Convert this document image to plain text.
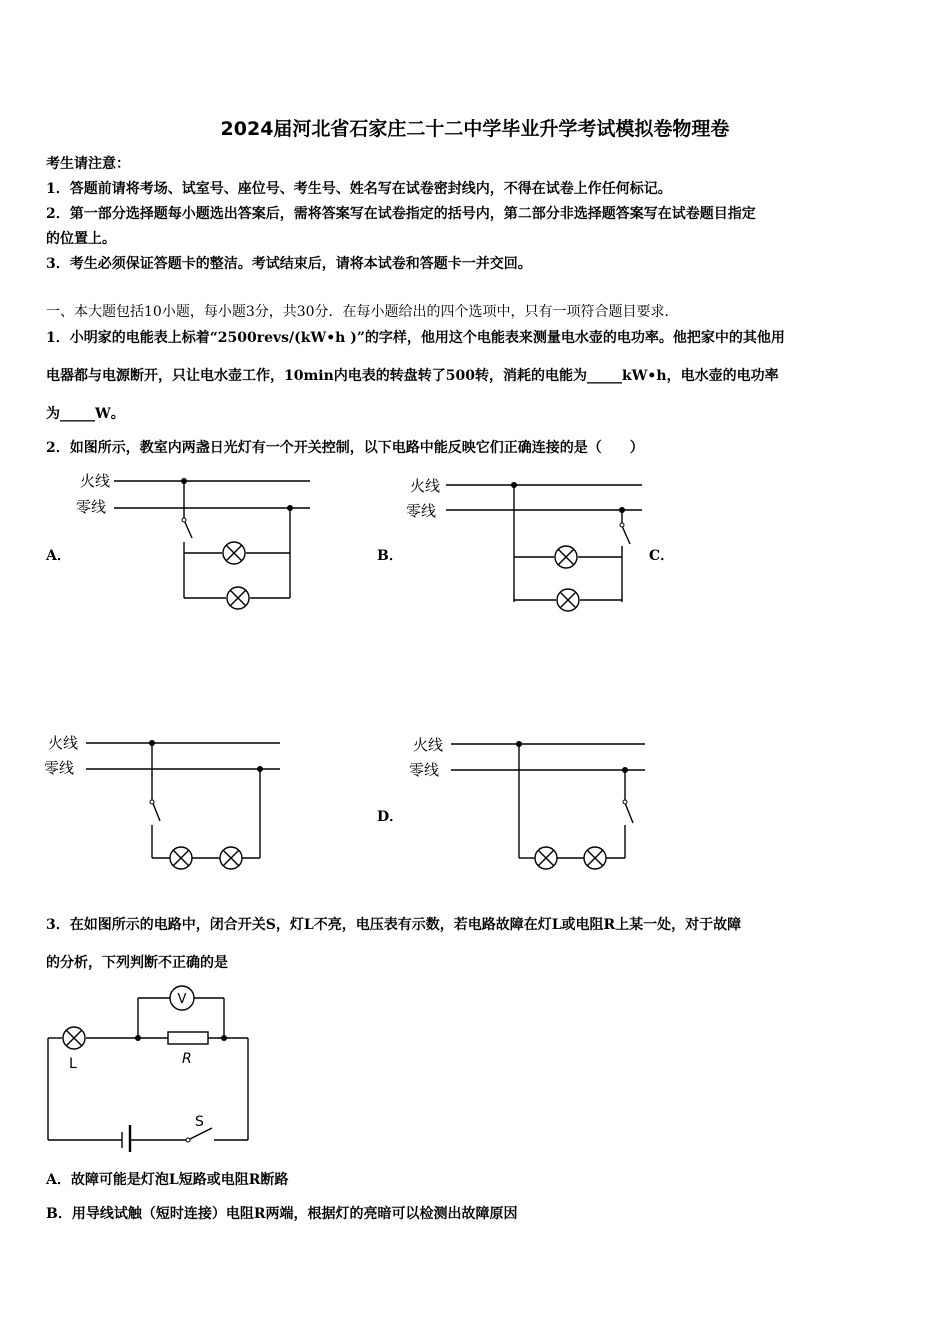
2024届河北省石家庄二十二中学毕业升学考试模拟卷物理卷
考生请注意：
1．答题前请将考场、试室号、座位号、考生号、姓名写在试卷密封线内，不得在试卷上作任何标记。
2．第一部分选择题每小题选出答案后，需将答案写在试卷指定的括号内，第二部分非选择题答案写在试卷题目指定
的位置上。
3．考生必须保证答题卡的整洁。考试结束后，请将本试卷和答题卡一并交回。
一、本大题包括10小题，每小题3分，共30分．在每小题给出的四个选项中，只有一项符合题目要求．
1．小明家的电能表上标着“2500revs/(kW•h )”的字样，他用这个电能表来测量电水壶的电功率。他把家中的其他用
电器都与电源断开，只让电水壶工作，10min内电表的转盘转了500转，消耗的电能为_____kW•h，电水壶的电功率
为_____W。
2．如图所示，教室内两盏日光灯有一个开关控制，以下电路中能反映它们正确连接的是（　　）
A．	B．	C．
D．
火线
零线
火线
零线
火线
零线
火线
零线
3．在如图所示的电路中，闭合开关S，灯L不亮，电压表有示数，若电路故障在灯L或电阻R上某一处，对于故障
的分析，下列判断不正确的是
V
L	R
S
A．故障可能是灯泡L短路或电阻R断路
B．用导线试触（短时连接）电阻R两端，根据灯的亮暗可以检测出故障原因
